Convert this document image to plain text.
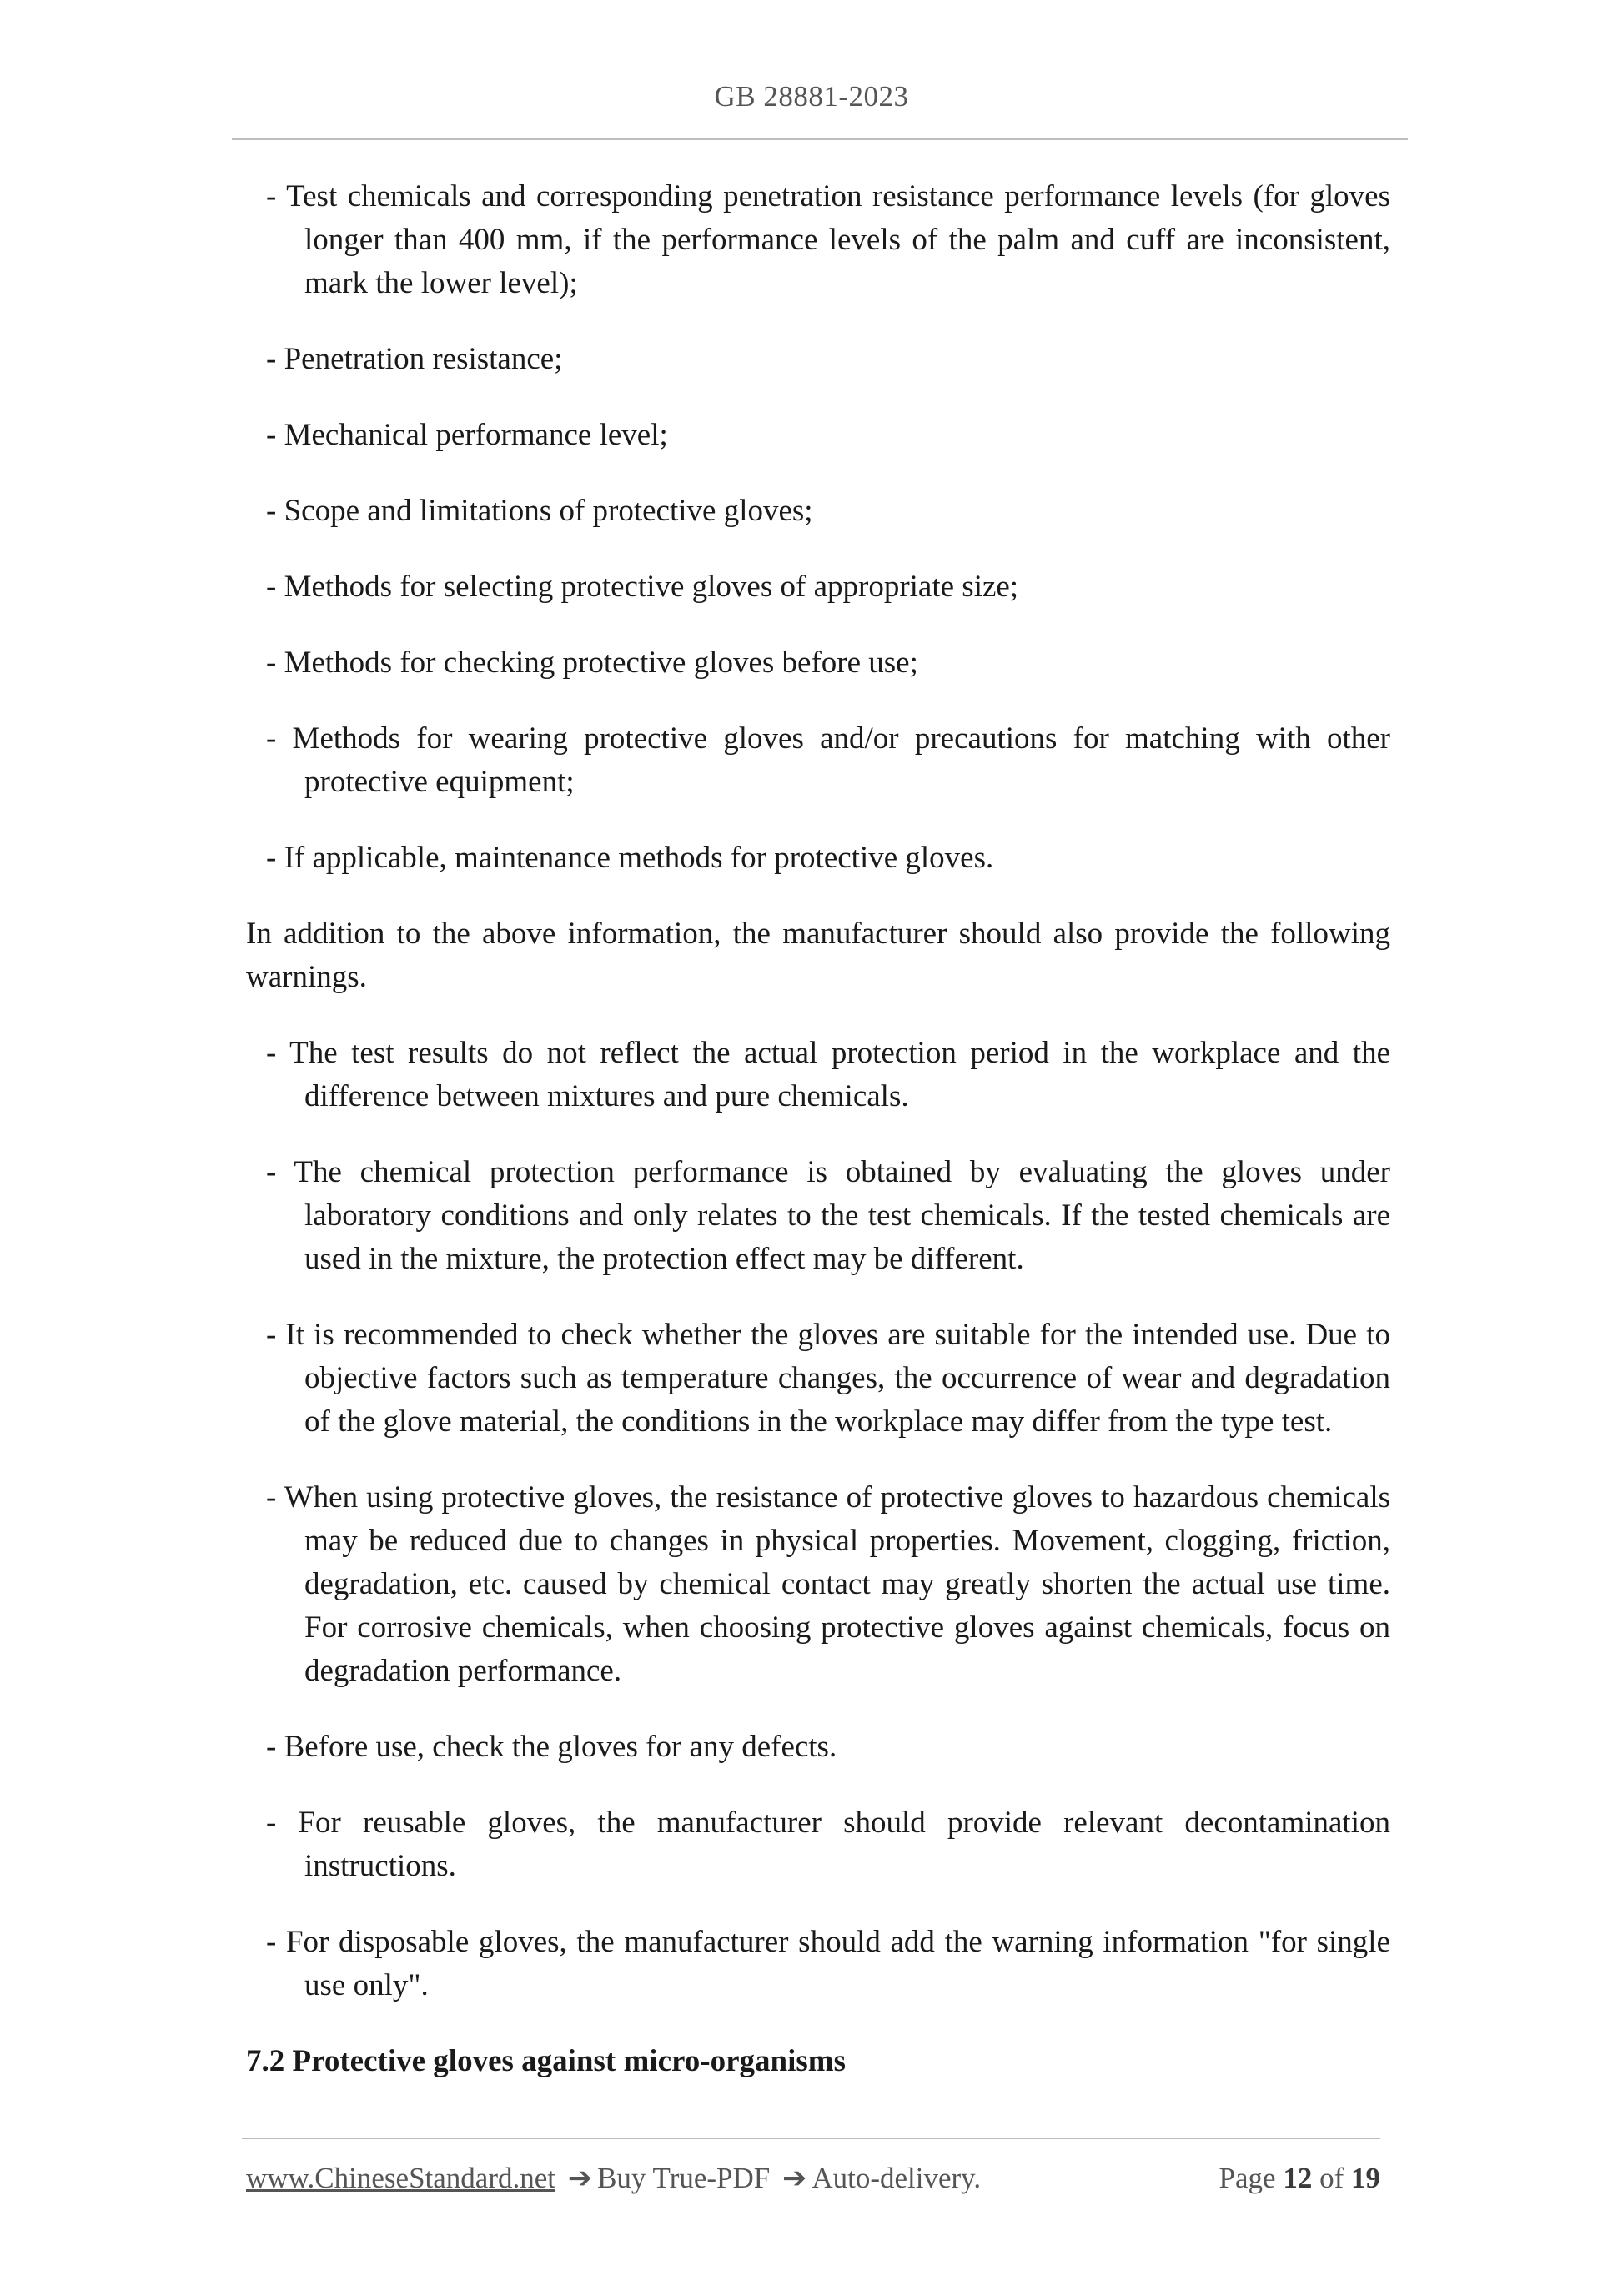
GB 28881-2023

- Test chemicals and corresponding penetration resistance performance levels (for gloves longer than 400 mm, if the performance levels of the palm and cuff are inconsistent, mark the lower level);

- Penetration resistance;

- Mechanical performance level;

- Scope and limitations of protective gloves;

- Methods for selecting protective gloves of appropriate size;

- Methods for checking protective gloves before use;

- Methods for wearing protective gloves and/or precautions for matching with other protective equipment;

- If applicable, maintenance methods for protective gloves.

In addition to the above information, the manufacturer should also provide the following warnings.

- The test results do not reflect the actual protection period in the workplace and the difference between mixtures and pure chemicals.

- The chemical protection performance is obtained by evaluating the gloves under laboratory conditions and only relates to the test chemicals. If the tested chemicals are used in the mixture, the protection effect may be different.

- It is recommended to check whether the gloves are suitable for the intended use. Due to objective factors such as temperature changes, the occurrence of wear and degradation of the glove material, the conditions in the workplace may differ from the type test.

- When using protective gloves, the resistance of protective gloves to hazardous chemicals may be reduced due to changes in physical properties. Movement, clogging, friction, degradation, etc. caused by chemical contact may greatly shorten the actual use time. For corrosive chemicals, when choosing protective gloves against chemicals, focus on degradation performance.

- Before use, check the gloves for any defects.

- For reusable gloves, the manufacturer should provide relevant decontamination instructions.

- For disposable gloves, the manufacturer should add the warning information "for single use only".

7.2 Protective gloves against micro-organisms

www.ChineseStandard.net ➔ Buy True-PDF ➔ Auto-delivery.	Page 12 of 19
